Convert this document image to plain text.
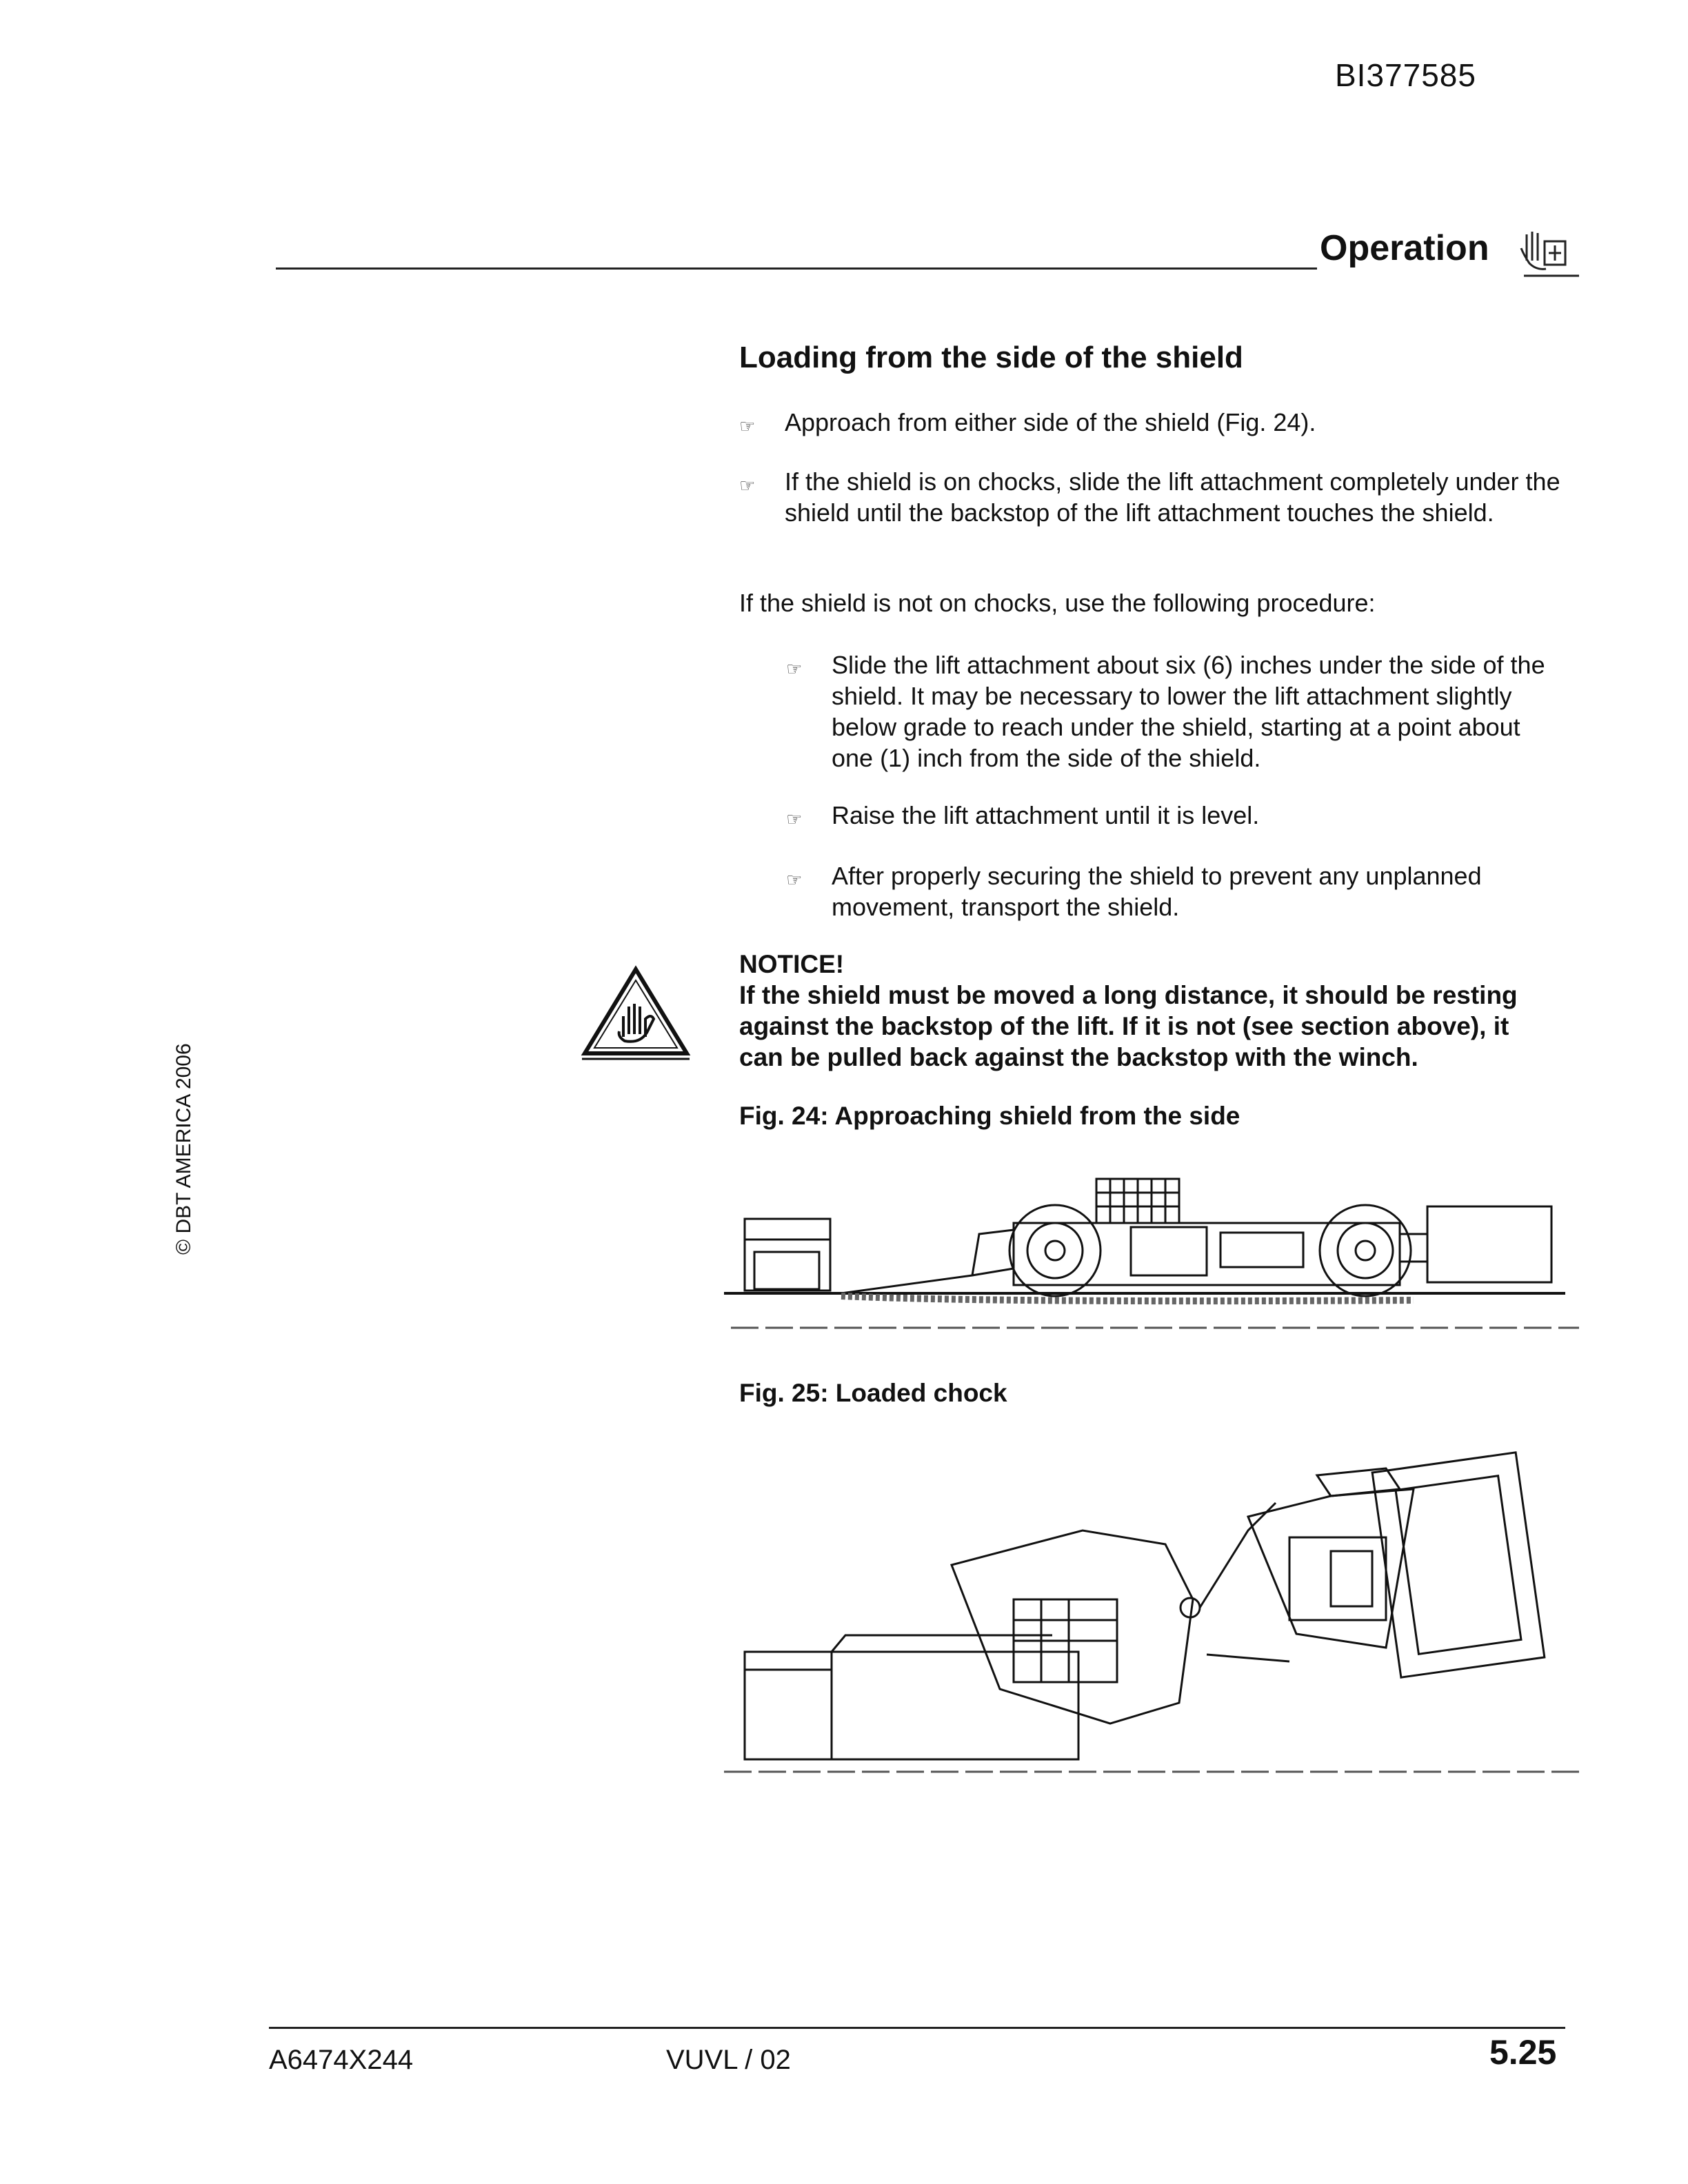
BI377585
Operation
Loading from the side of the shield
☞	Approach from either side of the shield (Fig. 24).
☞	If the shield is on chocks, slide the lift attachment completely under the shield until the backstop of the lift attachment touches the shield.
If the shield is not on chocks, use the following procedure:
☞	Slide the lift attachment about six (6) inches under the side of the shield. It may be necessary to lower the lift attachment slightly below grade to reach under the shield, starting at a point about one (1) inch from the side of the shield.
☞	Raise the lift attachment until it is level.
☞	After properly securing the shield to prevent any unplanned movement, transport the shield.
NOTICE!
If the shield must be moved a long distance, it should be resting against the backstop of the lift. If it is not (see section above), it can be pulled back against the backstop with the winch.
Fig. 24: Approaching shield from the side
Fig. 25: Loaded chock
© DBT AMERICA 2006
A6474X244	VUVL / 02	5.25
